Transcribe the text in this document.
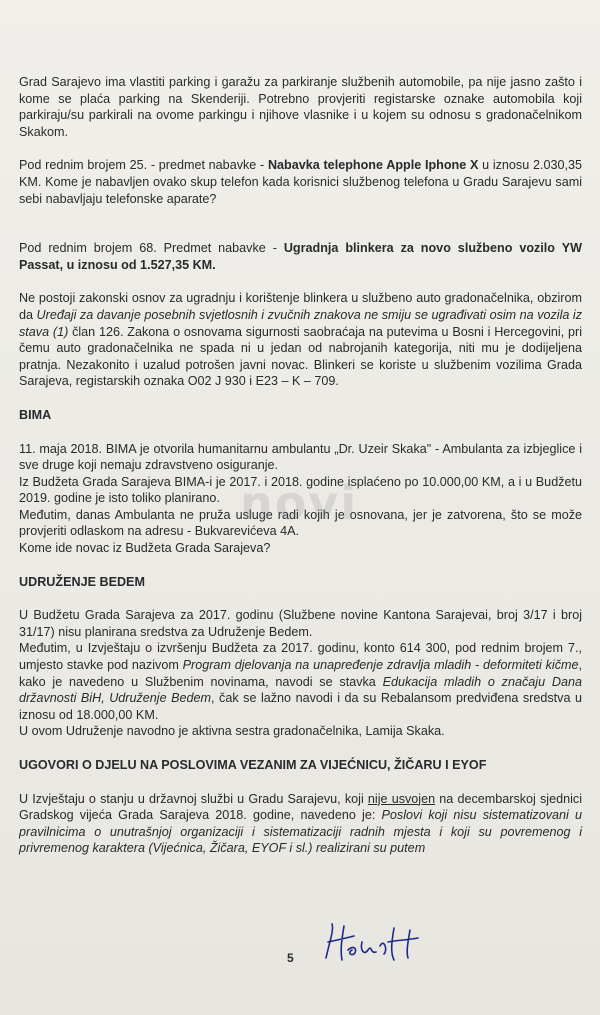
Grad Sarajevo ima vlastiti parking i garažu za parkiranje službenih automobile, pa nije jasno zašto i kome se plaća parking na Skenderiji. Potrebno provjeriti registarske oznake automobila koji parkiraju/su parkirali na ovome parkingu i njihove vlasnike i u kojem su odnosu s gradonačelnikom Skakom.

Pod rednim brojem 25. - predmet nabavke - Nabavka telephone Apple Iphone X u iznosu 2.030,35 KM. Kome je nabavljen ovako skup telefon kada korisnici službenog telefona u Gradu Sarajevu sami sebi nabavljaju telefonske aparate?

Pod rednim brojem 68. Predmet nabavke - Ugradnja blinkera za novo službeno vozilo YW Passat, u iznosu od 1.527,35 KM.

Ne postoji zakonski osnov za ugradnju i korištenje blinkera u službeno auto gradonačelnika, obzirom da Uređaji za davanje posebnih svjetlosnih i zvučnih znakova ne smiju se ugrađivati osim na vozila iz stava (1) član 126. Zakona o osnovama sigurnosti saobraćaja na putevima u Bosni i Hercegovini, pri čemu auto gradonačelnika ne spada ni u jedan od nabrojanih kategorija, niti mu je dodijeljena pratnja. Nezakonito i uzalud potrošen javni novac. Blinkeri se koriste u službenim vozilima Grada Sarajeva, registarskih oznaka O02 J 930 i E23 – K – 709.

BIMA

11. maja 2018. BIMA je otvorila humanitarnu ambulantu „Dr. Uzeir Skaka" - Ambulanta za izbjeglice i sve druge koji nemaju zdravstveno osiguranje.

Iz Budžeta Grada Sarajeva BIMA-i je 2017. i 2018. godine isplaćeno po 10.000,00 KM, a i u Budžetu 2019. godine je isto toliko planirano.

Međutim, danas Ambulanta ne pruža usluge radi kojih je osnovana, jer je zatvorena, što se može provjeriti odlaskom na adresu - Bukvarevićeva 4A.

Kome ide novac iz Budžeta Grada Sarajeva?

UDRUŽENJE BEDEM

U Budžetu Grada Sarajeva za 2017. godinu (Službene novine Kantona Sarajevai, broj 3/17 i broj 31/17) nisu planirana sredstva za Udruženje Bedem.

Međutim, u Izvještaju o izvršenju Budžeta za 2017. godinu, konto 614 300, pod rednim brojem 7., umjesto stavke pod nazivom Program djelovanja na unapređenje zdravlja mladih - deformiteti kičme, kako je navedeno u Službenim novinama, navodi se stavka Edukacija mladih o značaju Dana državnosti BiH, Udruženje Bedem, čak se lažno navodi i da su Rebalansom predviđena sredstva u iznosu od 18.000,00 KM.

U ovom Udruženje navodno je aktivna sestra gradonačelnika, Lamija Skaka.

UGOVORI O DJELU NA POSLOVIMA VEZANIM ZA VIJEĆNICU, ŽIČARU I EYOF

U Izvještaju o stanju u državnoj službi u Gradu Sarajevu, koji nije usvojen na decembarskoj sjednici Gradskog vijeća Grada Sarajeva 2018. godine, navedeno je: Poslovi koji nisu sistematizovani u pravilnicima o unutrašnjoj organizaciji i sistematizaciji radnih mjesta i koji su povremenog i privremenog karaktera (Vijećnica, Žičara, EYOF i sl.) realizirani su putem

novi
5
